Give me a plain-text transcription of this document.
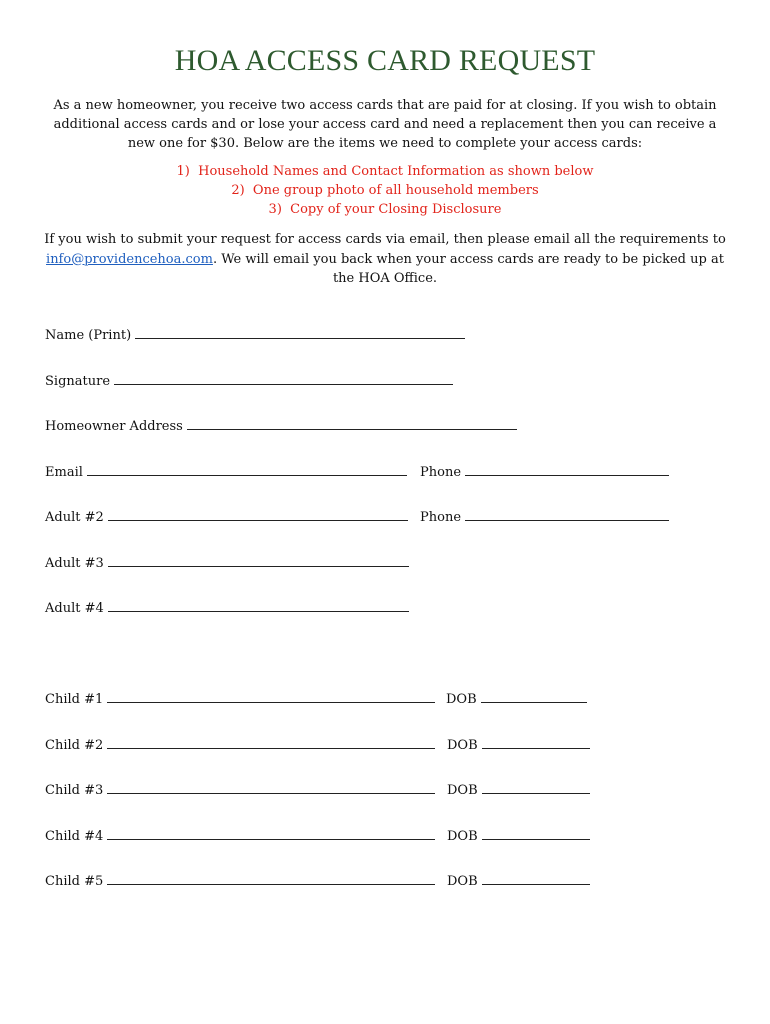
HOA ACCESS CARD REQUEST
As a new homeowner, you receive two access cards that are paid for at closing. If you wish to obtain additional access cards and or lose your access card and need a replacement then you can receive a new one for $30. Below are the items we need to complete your access cards:
1)  Household Names and Contact Information as shown below
2)  One group photo of all household members
3)  Copy of your Closing Disclosure
If you wish to submit your request for access cards via email, then please email all the requirements to info@providencehoa.com. We will email you back when your access cards are ready to be picked up at the HOA Office.
Name (Print)
Signature
Homeowner Address
Email	Phone
Adult #2	Phone
Adult #3
Adult #4
Child #1	DOB
Child #2	DOB
Child #3	DOB
Child #4	DOB
Child #5	DOB
